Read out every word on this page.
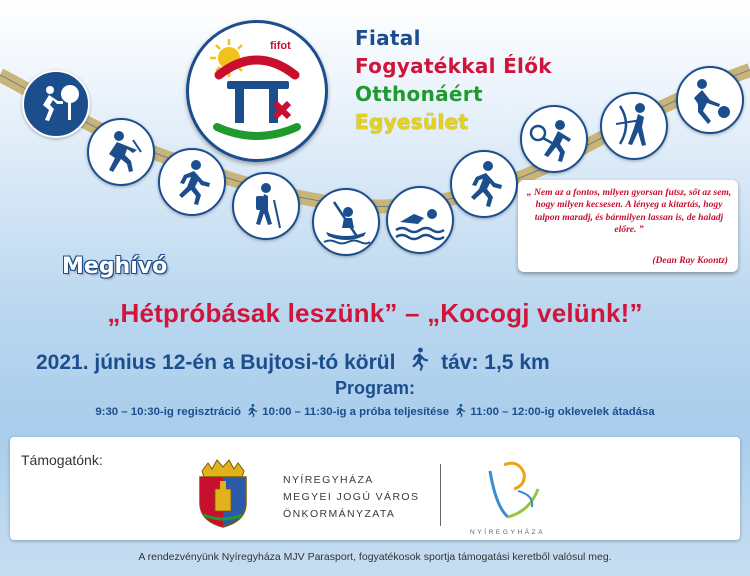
fifot	Fiatal
Fogyatékkal Élők
Otthonáért
Egyesület
„ Nem az a fontos, milyen gyorsan futsz, sőt az sem, hogy milyen kecsesen. A lényeg a kitartás, hogy talpon maradj, és bármilyen lassan is, de haladj előre. ”
(Dean Ray Koontz)
Meghívó
„Hétpróbásak leszünk” – „Kocogj velünk!”
2021. június 12-én a Bujtosi-tó körül táv: 1,5 km
Program:
9:30 – 10:30-ig regisztráció 10:00 – 11:30-ig a próba teljesítése 11:00 – 12:00-ig oklevelek átadása
Támogatónk:
NYÍREGYHÁZA
MEGYEI JOGÚ VÁROS
ÖNKORMÁNYZATA
NYÍREGYHÁZA
A rendezvényünk Nyíregyháza MJV Parasport, fogyatékosok sportja támogatási keretből valósul meg.
